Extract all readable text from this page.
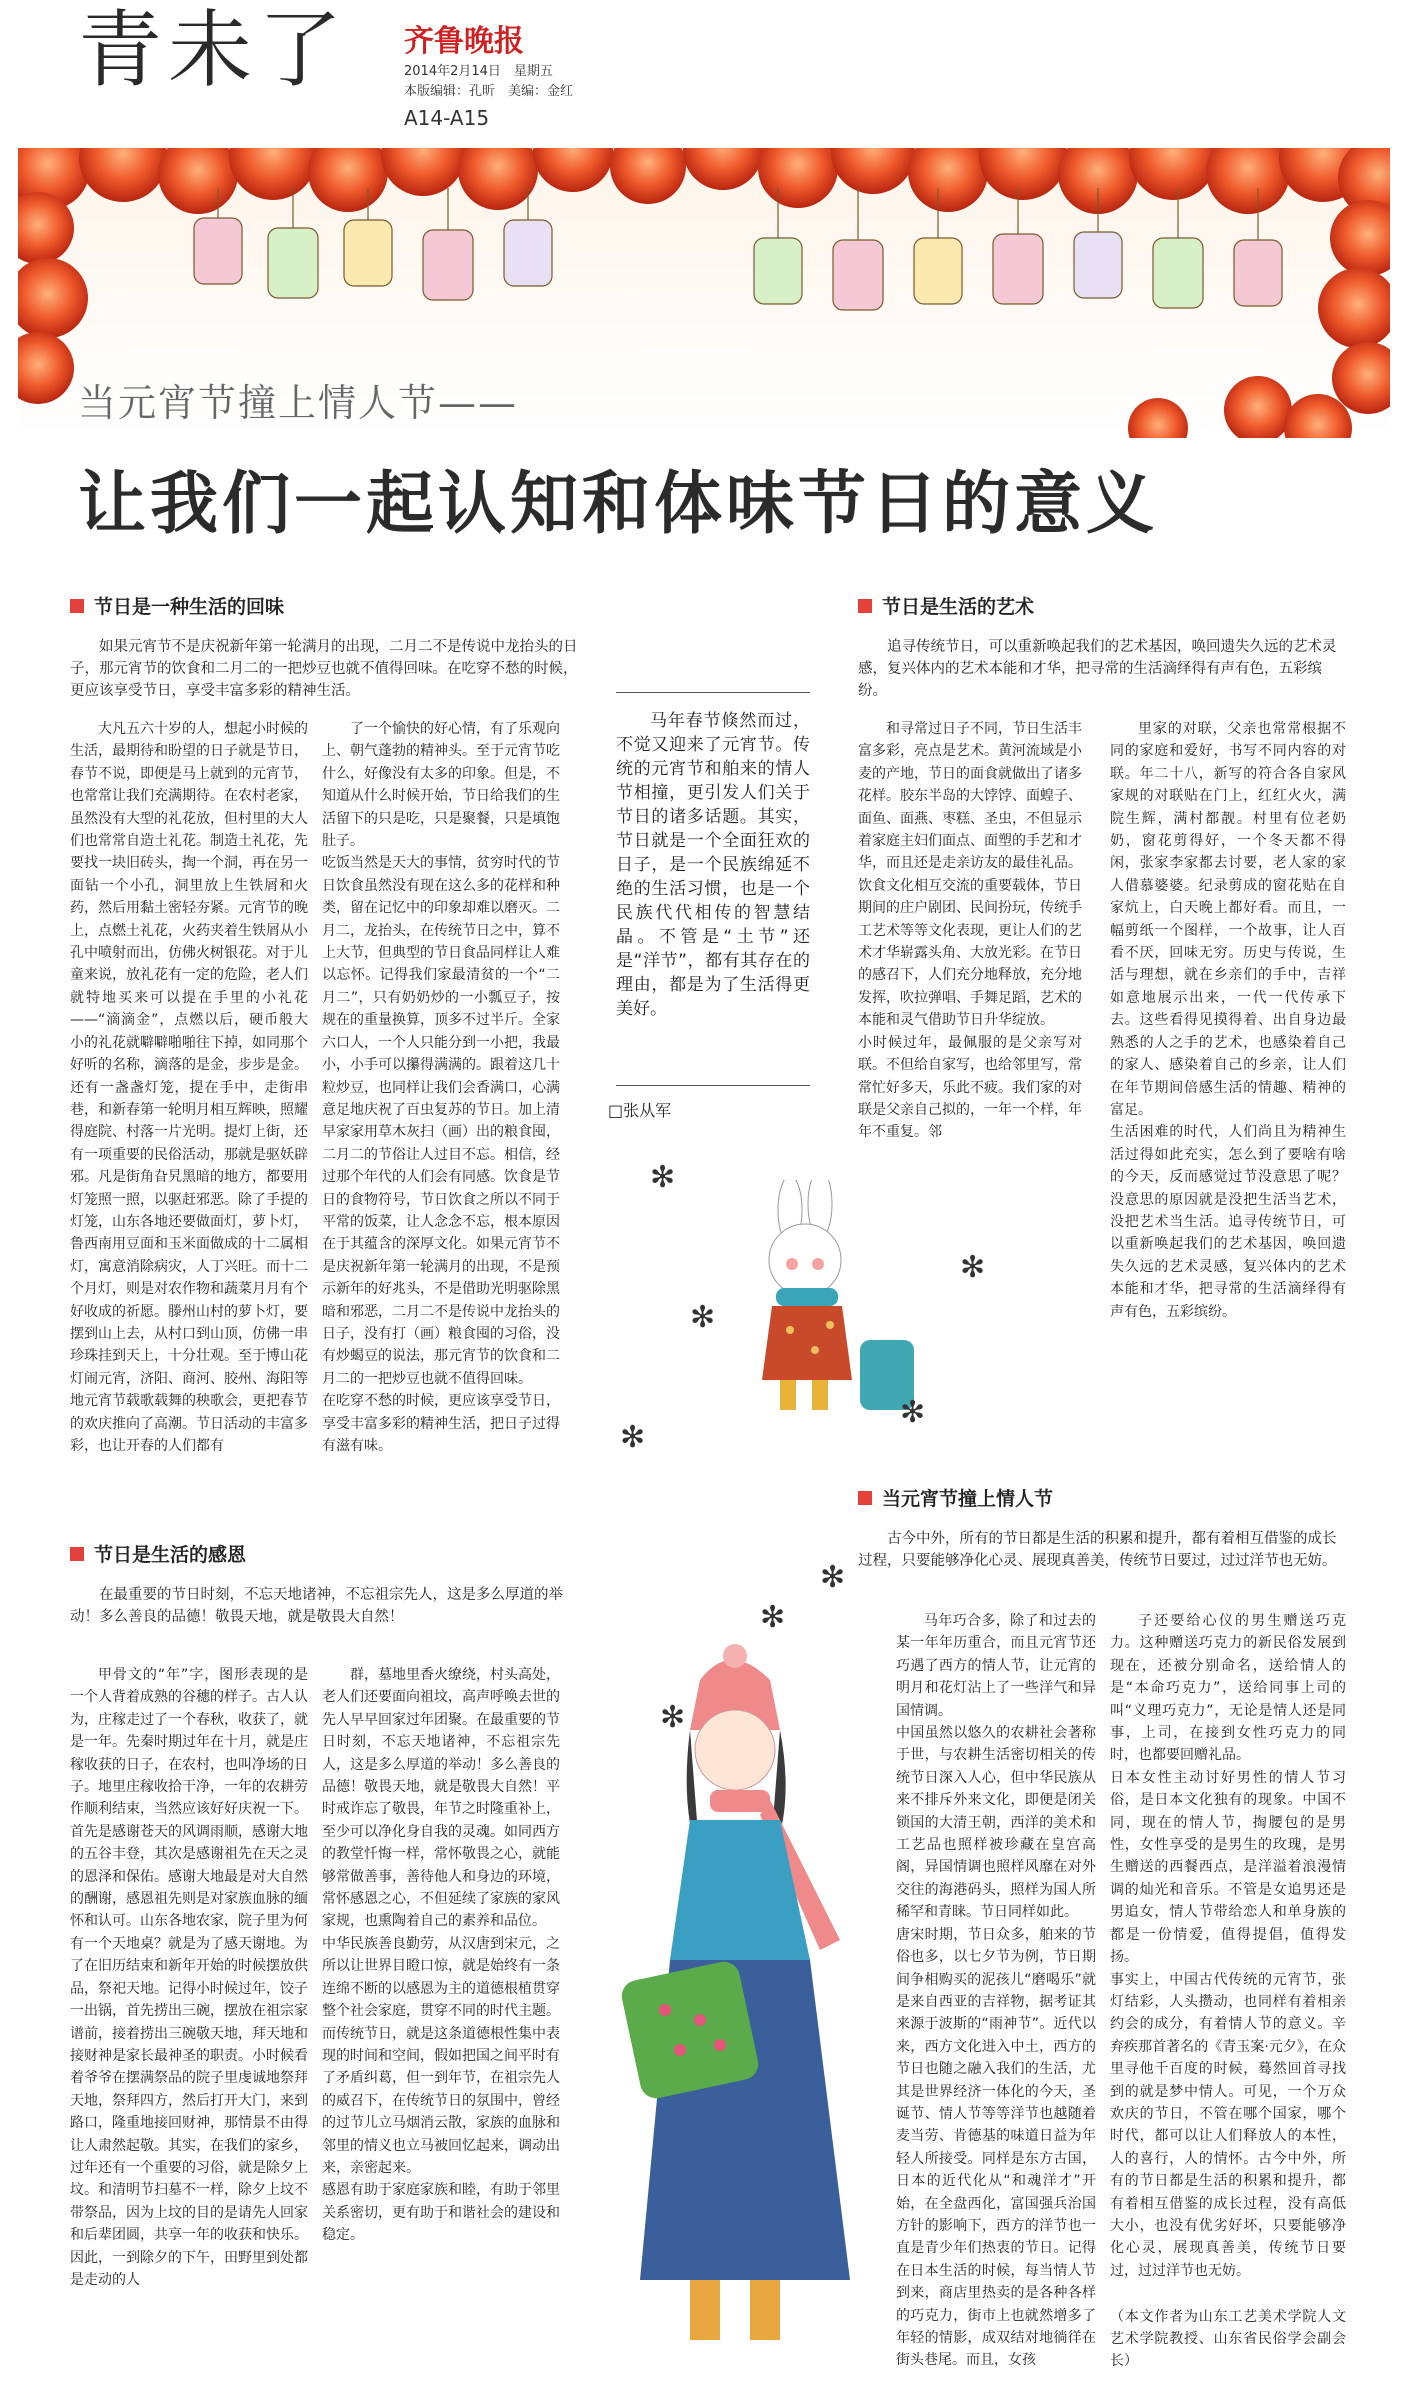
青未了 齐鲁晚报
2014年2月14日　星期五
本版编辑：孔昕　美编：金红
A14-A15
当元宵节撞上情人节——
让我们一起认知和体味节日的意义
节日是一种生活的回味
如果元宵节不是庆祝新年第一轮满月的出现，二月二不是传说中龙抬头的日子，那元宵节的饮食和二月二的一把炒豆也就不值得回味。在吃穿不愁的时候，更应该享受节日，享受丰富多彩的精神生活。
大凡五六十岁的人，想起小时候的生活，最期待和盼望的日子就是节日，春节不说，即便是马上就到的元宵节，也常常让我们充满期待。在农村老家，虽然没有大型的礼花放，但村里的大人们也常常自造土礼花。制造土礼花，先要找一块旧砖头，掏一个洞，再在另一面钻一个小孔，洞里放上生铁屑和火药，然后用黏土密轻夯紧。元宵节的晚上，点燃土礼花，火药夹着生铁屑从小孔中喷射而出，仿佛火树银花。对于儿童来说，放礼花有一定的危险，老人们就特地买来可以提在手里的小礼花——“滴滴金”，点燃以后，硬币般大小的礼花就噼噼啪啪往下掉，如同那个好听的名称，滴落的是金，步步是金。还有一盏盏灯笼，提在手中，走街串巷，和新春第一轮明月相互辉映，照耀得庭院、村落一片光明。提灯上街，还有一项重要的民俗活动，那就是驱妖辟邪。凡是街角旮旯黑暗的地方，都要用灯笼照一照，以驱赶邪恶。除了手提的灯笼，山东各地还要做面灯，萝卜灯，鲁西南用豆面和玉米面做成的十二属相灯，寓意消除病灾，人丁兴旺。而十二个月灯，则是对农作物和蔬菜月月有个好收成的祈愿。滕州山村的萝卜灯，要摆到山上去，从村口到山顶，仿佛一串珍珠挂到天上，十分壮观。至于博山花灯闹元宵，济阳、商河、胶州、海阳等地元宵节载歌载舞的秧歌会，更把春节的欢庆推向了高潮。节日活动的丰富多彩，也让开春的人们都有
了一个愉快的好心情，有了乐观向上、朝气蓬勃的精神头。至于元宵节吃什么，好像没有太多的印象。但是，不知道从什么时候开始，节日给我们的生活留下的只是吃，只是聚餐，只是填饱肚子。
吃饭当然是天大的事情，贫穷时代的节日饮食虽然没有现在这么多的花样和种类，留在记忆中的印象却难以磨灭。二月二，龙抬头，在传统节日之中，算不上大节，但典型的节日食品同样让人难以忘怀。记得我们家最清贫的一个“二月二”，只有奶奶炒的一小瓢豆子，按规在的重量换算，顶多不过半斤。全家六口人，一个人只能分到一小把，我最小，小手可以攥得满满的。跟着这几十粒炒豆，也同样让我们会香满口，心满意足地庆祝了百虫复苏的节日。加上清早家家用草木灰扫（画）出的粮食囤，二月二的节俗让人过目不忘。相信，经过那个年代的人们会有同感。饮食是节日的食物符号，节日饮食之所以不同于平常的饭菜，让人念念不忘，根本原因在于其蕴含的深厚文化。如果元宵节不是庆祝新年第一轮满月的出现，不是预示新年的好兆头，不是借助光明驱除黑暗和邪恶，二月二不是传说中龙抬头的日子，没有打（画）粮食囤的习俗，没有炒蝎豆的说法，那元宵节的饮食和二月二的一把炒豆也就不值得回味。
在吃穿不愁的时候，更应该享受节日，享受丰富多彩的精神生活，把日子过得有滋有味。
马年春节倏然而过，不觉又迎来了元宵节。传统的元宵节和舶来的情人节相撞，更引发人们关于节日的诸多话题。其实，节日就是一个全面狂欢的日子，是一个民族绵延不绝的生活习惯，也是一个民族代代相传的智慧结晶。不管是“土节”还是“洋节”，都有其存在的理由，都是为了生活得更美好。
□张从军
节日是生活的艺术
追寻传统节日，可以重新唤起我们的艺术基因，唤回遗失久远的艺术灵感，复兴体内的艺术本能和才华，把寻常的生活滴绎得有声有色，五彩缤纷。
和寻常过日子不同，节日生活丰富多彩，亮点是艺术。黄河流域是小麦的产地，节日的面食就做出了诸多花样。胶东半岛的大饽饽、面蝗子、面鱼、面燕、枣糕、圣虫，不但显示着家庭主妇们面点、面塑的手艺和才华，而且还是走亲访友的最佳礼品。饮食文化相互交流的重要载体，节日期间的庄户剧团、民间扮玩，传统手工艺术等等文化表现，更让人们的艺术才华崭露头角、大放光彩。在节日的感召下，人们充分地释放，充分地发挥，吹拉弹唱、手舞足蹈，艺术的本能和灵气借助节日升华绽放。
小时候过年，最佩服的是父亲写对联。不但给自家写，也给邻里写，常常忙好多天，乐此不疲。我们家的对联是父亲自己拟的，一年一个样，年年不重复。邻
里家的对联，父亲也常常根据不同的家庭和爱好，书写不同内容的对联。年二十八，新写的符合各自家风家规的对联贴在门上，红红火火，满院生辉，满村都靓。村里有位老奶奶，窗花剪得好，一个冬天都不得闲，张家李家都去讨要，老人家的家人借慕婆婆。纪录剪成的窗花贴在自家炕上，白天晚上都好看。而且，一幅剪纸一个图样，一个故事，让人百看不厌，回味无穷。历史与传说，生活与理想，就在乡亲们的手中，吉祥如意地展示出来，一代一代传承下去。这些看得见摸得着、出自身边最熟悉的人之手的艺术，也感染着自己的家人、感染着自己的乡亲，让人们在年节期间倍感生活的情趣、精神的富足。
生活困难的时代，人们尚且为精神生活过得如此充实，怎么到了要啥有啥的今天，反而感觉过节没意思了呢？没意思的原因就是没把生活当艺术，没把艺术当生活。追寻传统节日，可以重新唤起我们的艺术基因，唤回遗失久远的艺术灵感，复兴体内的艺术本能和才华，把寻常的生活滴绎得有声有色，五彩缤纷。
✻
✻
✻
✻
✻
✻
✻
✻
当元宵节撞上情人节
古今中外，所有的节日都是生活的积累和提升，都有着相互借鉴的成长过程，只要能够净化心灵、展现真善美，传统节日要过，过过洋节也无妨。
马年巧合多，除了和过去的某一年年历重合，而且元宵节还巧遇了西方的情人节，让元宵的明月和花灯沾上了一些洋气和异国情调。
中国虽然以悠久的农耕社会著称于世，与农耕生活密切相关的传统节日深入人心，但中华民族从来不排斥外来文化，即便是闭关锁国的大清王朝，西洋的美术和工艺品也照样被珍藏在皇宫高阁，异国情调也照样风靡在对外交往的海港码头，照样为国人所稀罕和青睐。节日同样如此。
唐宋时期，节日众多，舶来的节俗也多，以七夕节为例，节日期间争相购买的泥孩儿“磨喝乐”就是来自西亚的吉祥物，据考证其来源于波斯的“雨神节”。近代以来，西方文化进入中土，西方的节日也随之融入我们的生活，尤其是世界经济一体化的今天，圣诞节、情人节等等洋节也越随着麦当劳、肯德基的味道日益为年轻人所接受。同样是东方古国，日本的近代化从“和魂洋才”开始，在全盘西化，富国强兵治国方针的影响下，西方的洋节也一直是青少年们热衷的节日。记得在日本生活的时候，每当情人节到来，商店里热卖的是各种各样的巧克力，街市上也就然增多了年轻的情影，成双结对地徜徉在街头巷尾。而且，女孩
子还要给心仪的男生赠送巧克力。这种赠送巧克力的新民俗发展到现在，还被分别命名，送给情人的是“本命巧克力”，送给同事上司的叫“义理巧克力”，无论是情人还是同事，上司，在接到女性巧克力的同时，也都要回赠礼品。
日本女性主动讨好男性的情人节习俗，是日本文化独有的现象。中国不同，现在的情人节，掏腰包的是男性，女性享受的是男生的玫瑰，是男生赠送的西餐西点，是洋溢着浪漫情调的灿光和音乐。不管是女追男还是男追女，情人节带给恋人和单身族的都是一份情爱，值得提倡，值得发扬。
事实上，中国古代传统的元宵节，张灯结彩，人头攒动，也同样有着相亲约会的成分，有着情人节的意义。辛弃疾那首著名的《青玉案·元夕》，在众里寻他千百度的时候，蓦然回首寻找到的就是梦中情人。可见，一个万众欢庆的节日，不管在哪个国家，哪个时代，都可以让人们释放人的本性，人的喜行，人的情怀。古今中外，所有的节日都是生活的积累和提升，都有着相互借鉴的成长过程，没有高低大小，也没有优劣好坏，只要能够净化心灵，展现真善美，传统节日要过，过过洋节也无妨。
（本文作者为山东工艺美术学院人文艺术学院教授、山东省民俗学会副会长）
节日是生活的感恩
在最重要的节日时刻，不忘天地诸神，不忘祖宗先人，这是多么厚道的举动！多么善良的品德！敬畏天地，就是敬畏大自然！
甲骨文的“年”字，图形表现的是一个人背着成熟的谷穗的样子。古人认为，庄稼走过了一个春秋，收获了，就是一年。先秦时期过年在十月，就是庄稼收获的日子，在农村，也叫净场的日子。地里庄稼收拾干净，一年的农耕劳作顺利结束，当然应该好好庆祝一下。首先是感谢苍天的风调雨顺，感谢大地的五谷丰登，其次是感谢祖先在天之灵的恩泽和保佑。感谢大地最是对大自然的酬谢，感恩祖先则是对家族血脉的缅怀和认可。山东各地农家，院子里为何有一个天地桌？就是为了感天谢地。为了在旧历结束和新年开始的时候摆放供品，祭祀天地。记得小时候过年，饺子一出锅，首先捞出三碗，摆放在祖宗家谱前，接着捞出三碗敬天地，拜天地和接财神是家长最神圣的职责。小时候看着爷爷在摆满祭品的院子里虔诚地祭拜天地，祭拜四方，然后打开大门，来到路口，隆重地接回财神，那情景不由得让人肃然起敬。其实，在我们的家乡，过年还有一个重要的习俗，就是除夕上坟。和清明节扫墓不一样，除夕上坟不带祭品，因为上坟的目的是请先人回家和后辈团圆，共享一年的收获和快乐。因此，一到除夕的下午，田野里到处都是走动的人
群，墓地里香火缭绕，村头高处，老人们还要面向祖坟，高声呼唤去世的先人早早回家过年团聚。在最重要的节日时刻，不忘天地诸神，不忘祖宗先人，这是多么厚道的举动！多么善良的品德！敬畏天地，就是敬畏大自然！平时戒诈忘了敬畏，年节之时隆重补上，至少可以净化身自我的灵魂。如同西方的教堂忏悔一样，常怀敬畏之心，就能够常做善事，善待他人和身边的环境，常怀感恩之心，不但延续了家族的家风家规，也熏陶着自己的素养和品位。
中华民族善良勤劳，从汉唐到宋元，之所以让世界目瞪口惊，就是始终有一条连绵不断的以感恩为主的道德根植贯穿整个社会家庭，贯穿不同的时代主题。而传统节日，就是这条道德根性集中表现的时间和空间，假如把国之间平时有了矛盾纠葛，但一到年节，在祖宗先人的威召下，在传统节日的氛围中，曾经的过节儿立马烟消云散，家族的血脉和邻里的情义也立马被回忆起来，调动出来，亲密起来。
感恩有助于家庭家族和睦，有助于邻里关系密切，更有助于和谐社会的建设和稳定。
